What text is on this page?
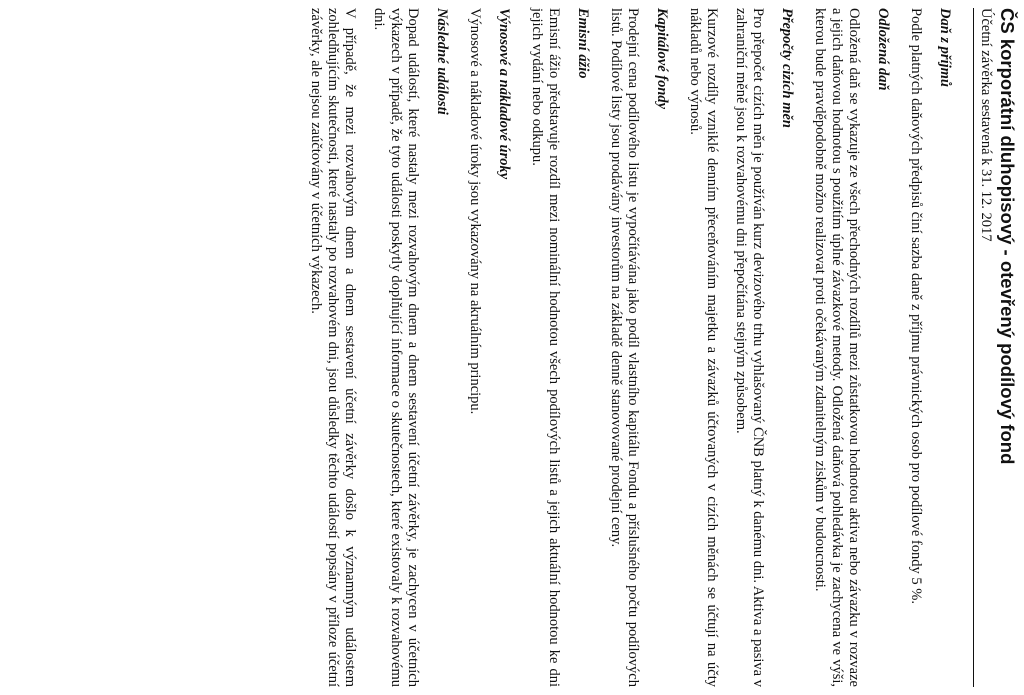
ČS korporátní dluhopisový - otevřený podílový fond
Účetní závěrka sestavená k 31. 12. 2017
Daň z příjmů

Podle platných daňových předpisů činí sazba daně z příjmu právnických osob pro podílové fondy 5 %.

Odložená daň

Odložená daň se vykazuje ze všech přechodných rozdílů mezi zůstatkovou hodnotou aktiva nebo závazku v rozvaze a jejich daňovou hodnotou s použitím úplné závazkové metody. Odložená daňová pohledávka je zachycena ve výši, kterou bude pravděpodobně možno realizovat proti očekávaným zdanitelným ziskům v budoucnosti.

Přepočty cizích měn

Pro přepočet cizích měn je používán kurz devizového trhu vyhlašovaný ČNB platný k danému dni. Aktiva a pasiva v zahraniční měně jsou k rozvahovému dni přepočítána stejným způsobem.

Kurzové rozdíly vzniklé denním přeceňováním majetku a závazků účtovaných v cizích měnách se účtují na účty nákladů nebo výnosů.

Kapitálové fondy

Prodejní cena podílového listu je vypočítávána jako podíl vlastního kapitálu Fondu a příslušného počtu podílových listů. Podílové listy jsou prodávány investorům na základě denně stanovované prodejní ceny.

Emisní ážio

Emisní ážio představuje rozdíl mezi nominální hodnotou všech podílových listů a jejich aktuální hodnotou ke dni jejich vydání nebo odkupu.

Výnosové a nákladové úroky

Výnosové a nákladové úroky jsou vykazovány na akruálním principu.

Následné události

Dopad událostí, které nastaly mezi rozvahovým dnem a dnem sestavení účetní závěrky, je zachycen v účetních výkazech v případě, že tyto události poskytly doplňující informace o skutečnostech, které existovaly k rozvahovému dni.

V případě, že mezi rozvahovým dnem a dnem sestavení účetní závěrky došlo k významným událostem zohledňujícím skutečnosti, které nastaly po rozvahovém dni, jsou důsledky těchto událostí popsány v příloze účetní závěrky, ale nejsou zaúčtovány v účetních výkazech.
